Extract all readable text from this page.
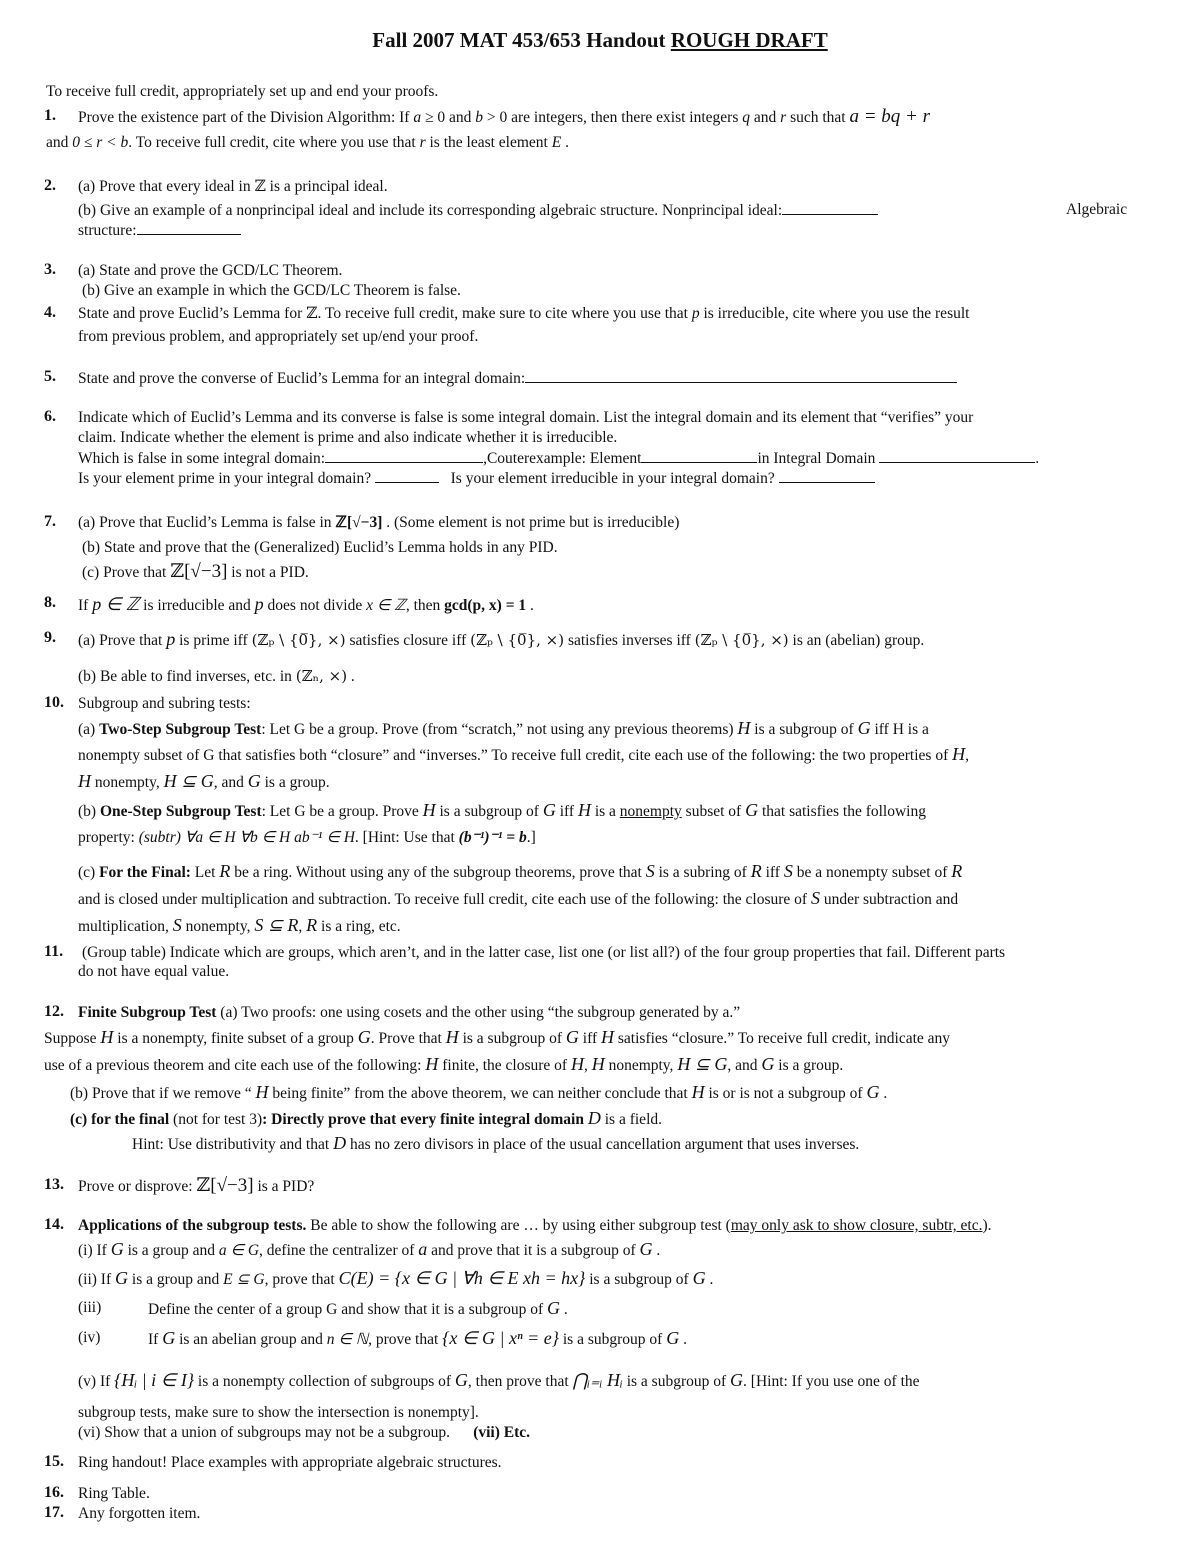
Fall 2007 MAT 453/653 Handout ROUGH DRAFT
To receive full credit, appropriately set up and end your proofs.
1.	Prove the existence part of the Division Algorithm: If a ≥ 0 and b > 0 are integers, then there exist integers q and r such that a = bq + r
and 0 ≤ r < b. To receive full credit, cite where you use that r is the least element E .
2.	(a) Prove that every ideal in ℤ is a principal ideal.
(b) Give an example of a nonprincipal ideal and include its corresponding algebraic structure. Nonprincipal ideal:	Algebraic
structure:
3.	(a) State and prove the GCD/LC Theorem.
(b) Give an example in which the GCD/LC Theorem is false.
4.	State and prove Euclid’s Lemma for ℤ. To receive full credit, make sure to cite where you use that p is irreducible, cite where you use the result
from previous problem, and appropriately set up/end your proof.
5.	State and prove the converse of Euclid’s Lemma for an integral domain:
6.	Indicate which of Euclid’s Lemma and its converse is false is some integral domain. List the integral domain and its element that “verifies” your
claim. Indicate whether the element is prime and also indicate whether it is irreducible.
Which is false in some integral domain:	,Couterexample: Element	in Integral Domain	.
Is your element prime in your integral domain?	Is your element irreducible in your integral domain?
7.	(a) Prove that Euclid’s Lemma is false in ℤ[√−3] . (Some element is not prime but is irreducible)
(b) State and prove that the (Generalized) Euclid’s Lemma holds in any PID.
(c) Prove that ℤ[√−3] is not a PID.
8.	If p ∈ ℤ is irreducible and p does not divide x ∈ ℤ, then gcd(p, x) = 1 .
9.	(a) Prove that p is prime iff (ℤₚ \ {0̅}, ×) satisfies closure iff (ℤₚ \ {0̅}, ×) satisfies inverses iff (ℤₚ \ {0̅}, ×) is an (abelian) group.
(b) Be able to find inverses, etc. in (ℤₙ, ×) .
10. Subgroup and subring tests:
(a) Two-Step Subgroup Test: Let G be a group. Prove (from “scratch,” not using any previous theorems) H is a subgroup of G iff H is a
nonempty subset of G that satisfies both “closure” and “inverses.” To receive full credit, cite each use of the following: the two properties of H,
H nonempty, H ⊆ G, and G is a group.
(b) One-Step Subgroup Test: Let G be a group. Prove H is a subgroup of G iff H is a nonempty subset of G that satisfies the following
property: (subtr) ∀a ∈ H ∀b ∈ H ab⁻¹ ∈ H. [Hint: Use that (b⁻¹)⁻¹ = b.]
(c) For the Final: Let R be a ring. Without using any of the subgroup theorems, prove that S is a subring of R iff S be a nonempty subset of R
and is closed under multiplication and subtraction. To receive full credit, cite each use of the following: the closure of S under subtraction and
multiplication, S nonempty, S ⊆ R, R is a ring, etc.
11.	(Group table) Indicate which are groups, which aren’t, and in the latter case, list one (or list all?) of the four group properties that fail. Different parts
do not have equal value.
12. Finite Subgroup Test (a) Two proofs: one using cosets and the other using “the subgroup generated by a.”
Suppose H is a nonempty, finite subset of a group G. Prove that H is a subgroup of G iff H satisfies “closure.” To receive full credit, indicate any
use of a previous theorem and cite each use of the following: H finite, the closure of H, H nonempty, H ⊆ G, and G is a group.
(b) Prove that if we remove “ H being finite” from the above theorem, we can neither conclude that H is or is not a subgroup of G .
(c) for the final (not for test 3): Directly prove that every finite integral domain D is a field.
Hint: Use distributivity and that D has no zero divisors in place of the usual cancellation argument that uses inverses.
13. Prove or disprove: ℤ[√−3] is a PID?
14. Applications of the subgroup tests. Be able to show the following are … by using either subgroup test (may only ask to show closure, subtr, etc.).
(i) If G is a group and a ∈ G, define the centralizer of a and prove that it is a subgroup of G .
(ii) If G is a group and E ⊆ G, prove that C(E) = {x ∈ G | ∀h ∈ E xh = hx} is a subgroup of G .
(iii)	Define the center of a group G and show that it is a subgroup of G .
(iv)	If G is an abelian group and n ∈ ℕ, prove that {x ∈ G | xⁿ = e} is a subgroup of G .
(v) If {Hᵢ | i ∈ I} is a nonempty collection of subgroups of G, then prove that ⋂ᵢ₌ᵢ Hᵢ is a subgroup of G. [Hint: If you use one of the
subgroup tests, make sure to show the intersection is nonempty].
(vi) Show that a union of subgroups may not be a subgroup. (vii) Etc.
15. Ring handout! Place examples with appropriate algebraic structures.
16. Ring Table.
17. Any forgotten item.
